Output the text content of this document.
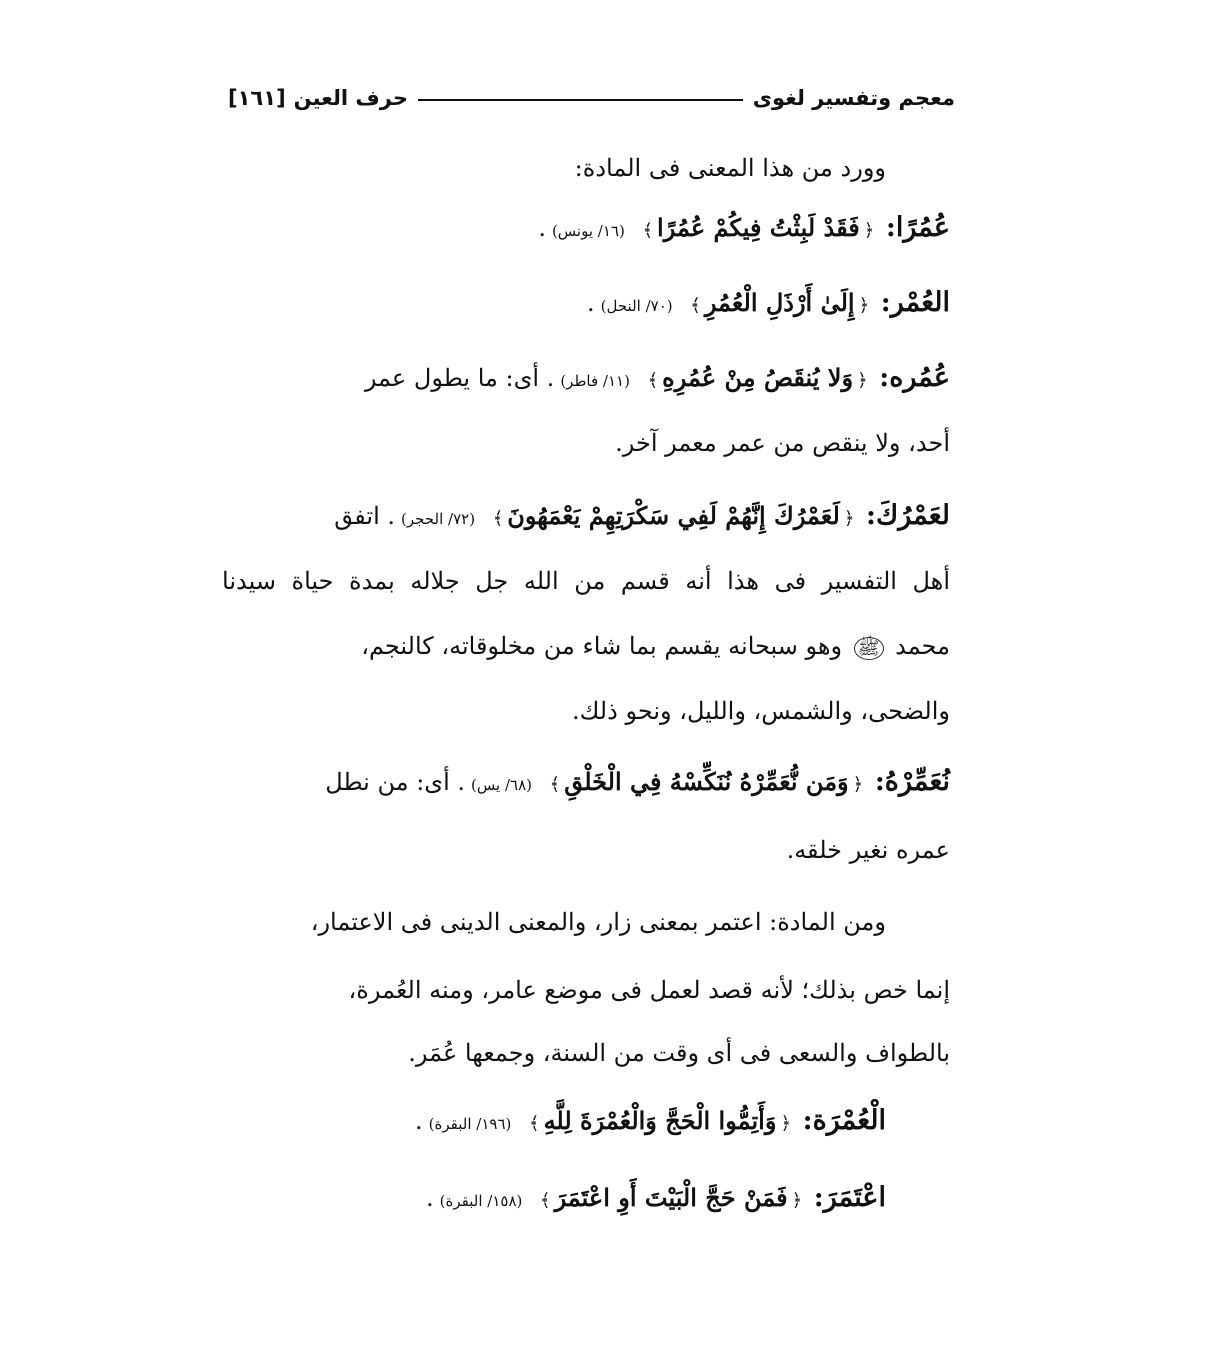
معجم وتفسير لغوى
حرف العين
[١٦١]
وورد من هذا المعنى فى المادة:
عُمُرًا: ﴿فَقَدْ لَبِثْتُ فِيكُمْ عُمُرًا﴾ (١٦/ يونس).
العُمْر: ﴿إِلَىٰ أَرْذَلِ الْعُمُرِ﴾ (٧٠/ النحل).
عُمُره: ﴿وَلا يُنقَصُ مِنْ عُمُرِهِ﴾ (١١/ فاطر). أى: ما يطول عمر
أحد، ولا ينقص من عمر معمر آخر.
لعَمْرُكَ: ﴿لَعَمْرُكَ إِنَّهُمْ لَفِي سَكْرَتِهِمْ يَعْمَهُونَ﴾ (٧٢/ الحجر). اتفق
أهل التفسير فى هذا أنه قسم من الله جل جلاله بمدة حياة سيدنا
محمد ﷺ وهو سبحانه يقسم بما شاء من مخلوقاته، كالنجم،
والضحى، والشمس، والليل، ونحو ذلك.
نُعَمِّرْهُ: ﴿وَمَن نُّعَمِّرْهُ نُنَكِّسْهُ فِي الْخَلْقِ﴾ (٦٨/ يس). أى: من نطل
عمره نغير خلقه.
ومن المادة: اعتمر بمعنى زار، والمعنى الدينى فى الاعتمار،
إنما خص بذلك؛ لأنه قصد لعمل فى موضع عامر، ومنه العُمرة،
بالطواف والسعى فى أى وقت من السنة، وجمعها عُمَر.
الْعُمْرَة: ﴿وَأَتِمُّوا الْحَجَّ وَالْعُمْرَةَ لِلَّهِ﴾ (١٩٦/ البقرة).
اعْتَمَرَ: ﴿فَمَنْ حَجَّ الْبَيْتَ أَوِ اعْتَمَرَ﴾ (١٥٨/ البقرة).
